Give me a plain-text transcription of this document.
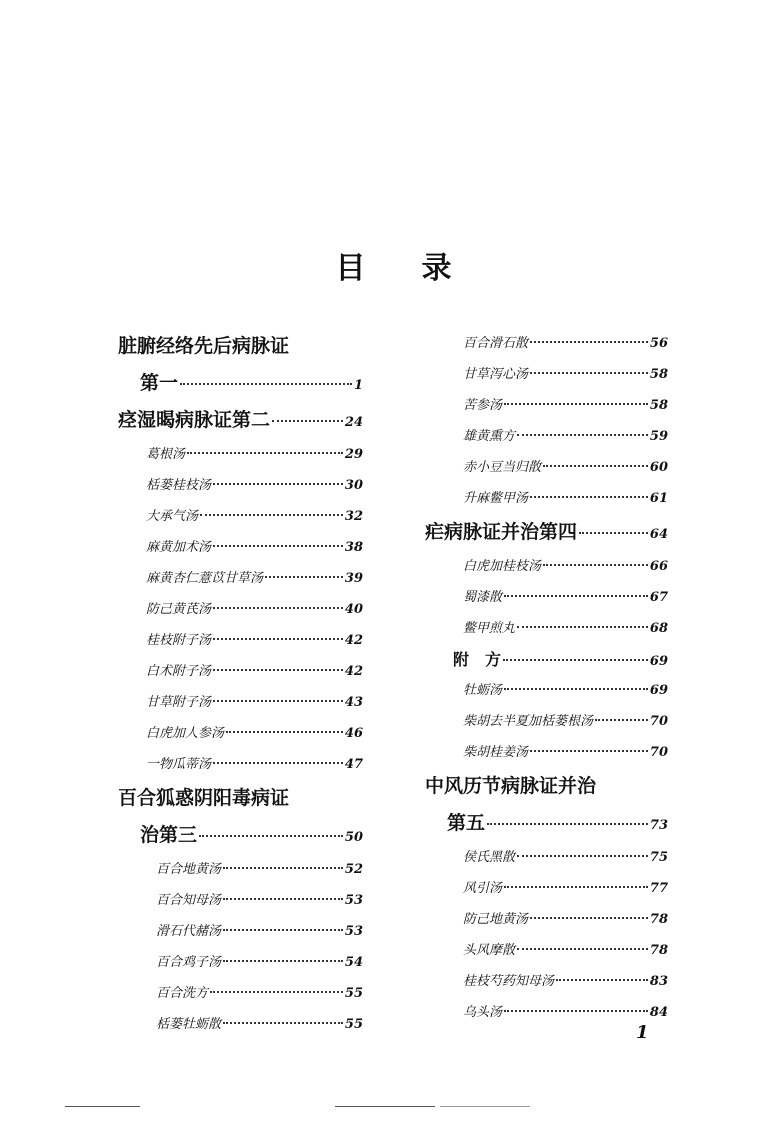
目 录
脏腑经络先后病脉证
第一	1
痉湿暍病脉证第二	24
葛根汤	29
栝蒌桂枝汤	30
大承气汤	32
麻黄加术汤	38
麻黄杏仁薏苡甘草汤	39
防己黄芪汤	40
桂枝附子汤	42
白术附子汤	42
甘草附子汤	43
白虎加人参汤	46
一物瓜蒂汤	47
百合狐惑阴阳毒病证
治第三	50
百合地黄汤	52
百合知母汤	53
滑石代赭汤	53
百合鸡子汤	54
百合洗方	55
栝蒌牡蛎散	55
百合滑石散	56
甘草泻心汤	58
苦参汤	58
雄黄熏方	59
赤小豆当归散	60
升麻鳖甲汤	61
疟病脉证并治第四	64
白虎加桂枝汤	66
蜀漆散	67
鳖甲煎丸	68
附　方	69
牡蛎汤	69
柴胡去半夏加栝蒌根汤	70
柴胡桂姜汤	70
中风历节病脉证并治
第五	73
侯氏黑散	75
风引汤	77
防己地黄汤	78
头风摩散	78
桂枝芍药知母汤	83
乌头汤	84
1
